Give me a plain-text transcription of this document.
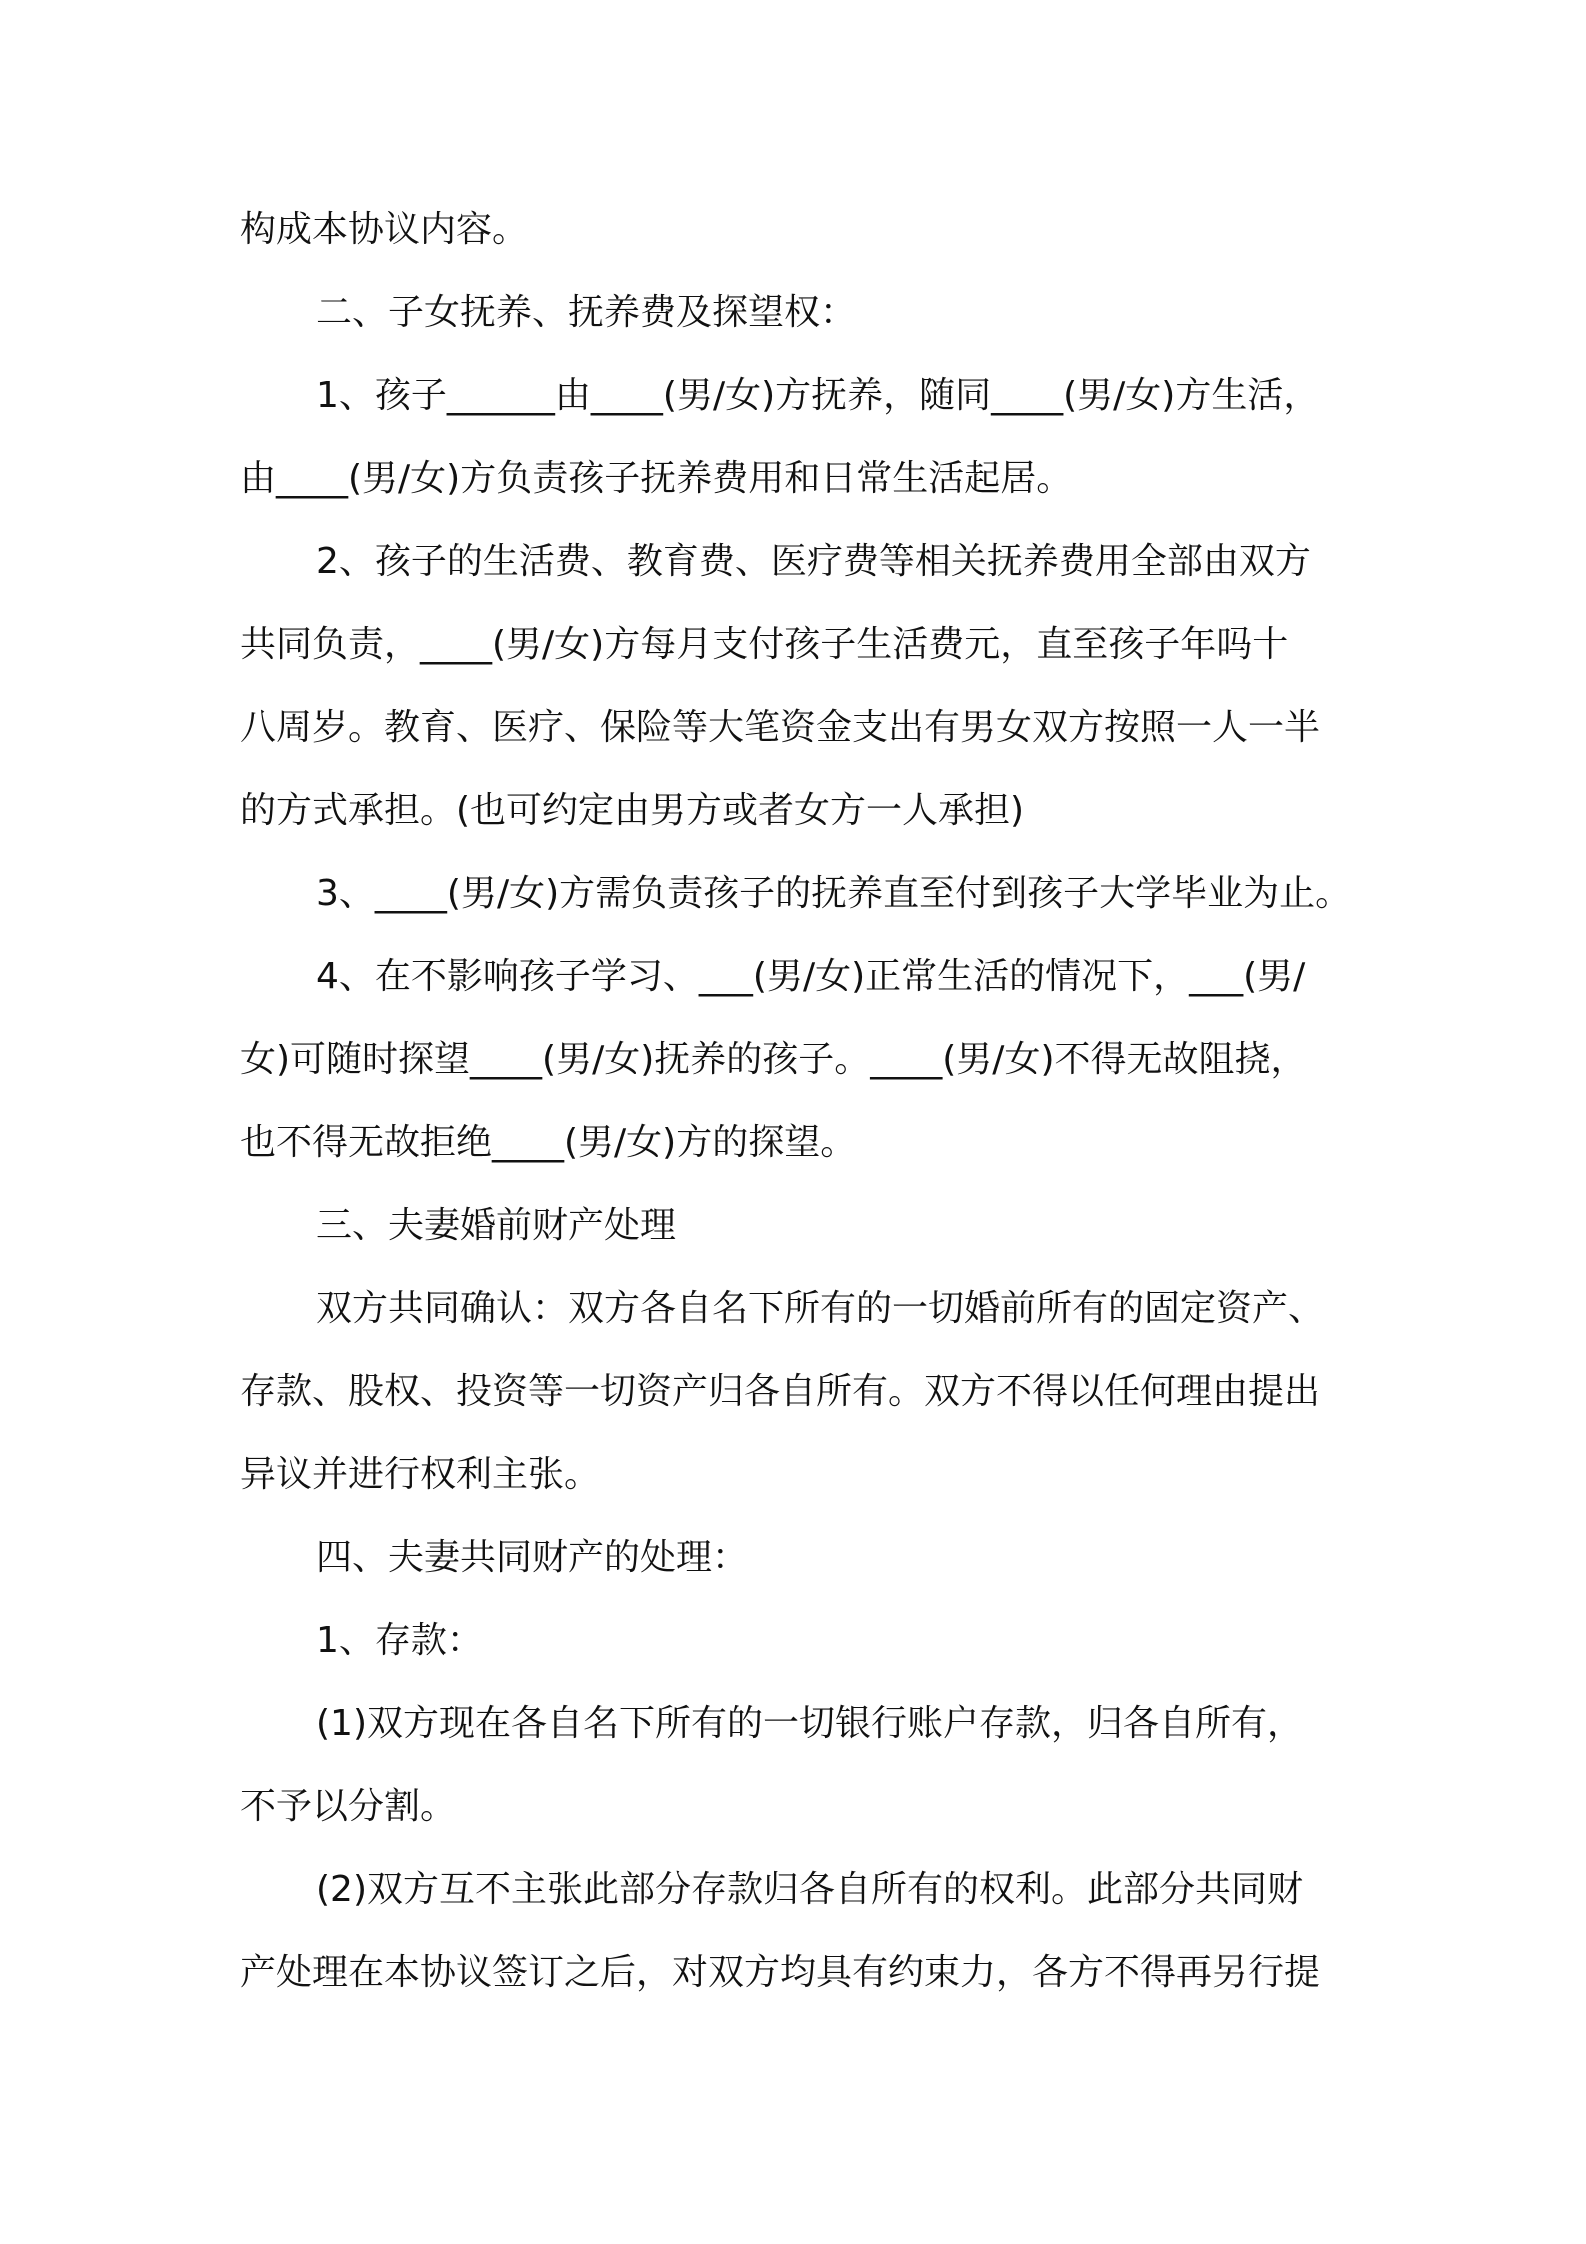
构成本协议内容。
二、子女抚养、抚养费及探望权：
1、孩子______由____(男/女)方抚养，随同____(男/女)方生活，
由____(男/女)方负责孩子抚养费用和日常生活起居。
2、孩子的生活费、教育费、医疗费等相关抚养费用全部由双方
共同负责，____(男/女)方每月支付孩子生活费元，直至孩子年吗十
八周岁。教育、医疗、保险等大笔资金支出有男女双方按照一人一半
的方式承担。(也可约定由男方或者女方一人承担)
3、____(男/女)方需负责孩子的抚养直至付到孩子大学毕业为止。
4、在不影响孩子学习、___(男/女)正常生活的情况下，___(男/
女)可随时探望____(男/女)抚养的孩子。____(男/女)不得无故阻挠，
也不得无故拒绝____(男/女)方的探望。
三、夫妻婚前财产处理
双方共同确认：双方各自名下所有的一切婚前所有的固定资产、
存款、股权、投资等一切资产归各自所有。双方不得以任何理由提出
异议并进行权利主张。
四、夫妻共同财产的处理：
1、存款：
(1)双方现在各自名下所有的一切银行账户存款，归各自所有，
不予以分割。
(2)双方互不主张此部分存款归各自所有的权利。此部分共同财
产处理在本协议签订之后，对双方均具有约束力，各方不得再另行提
